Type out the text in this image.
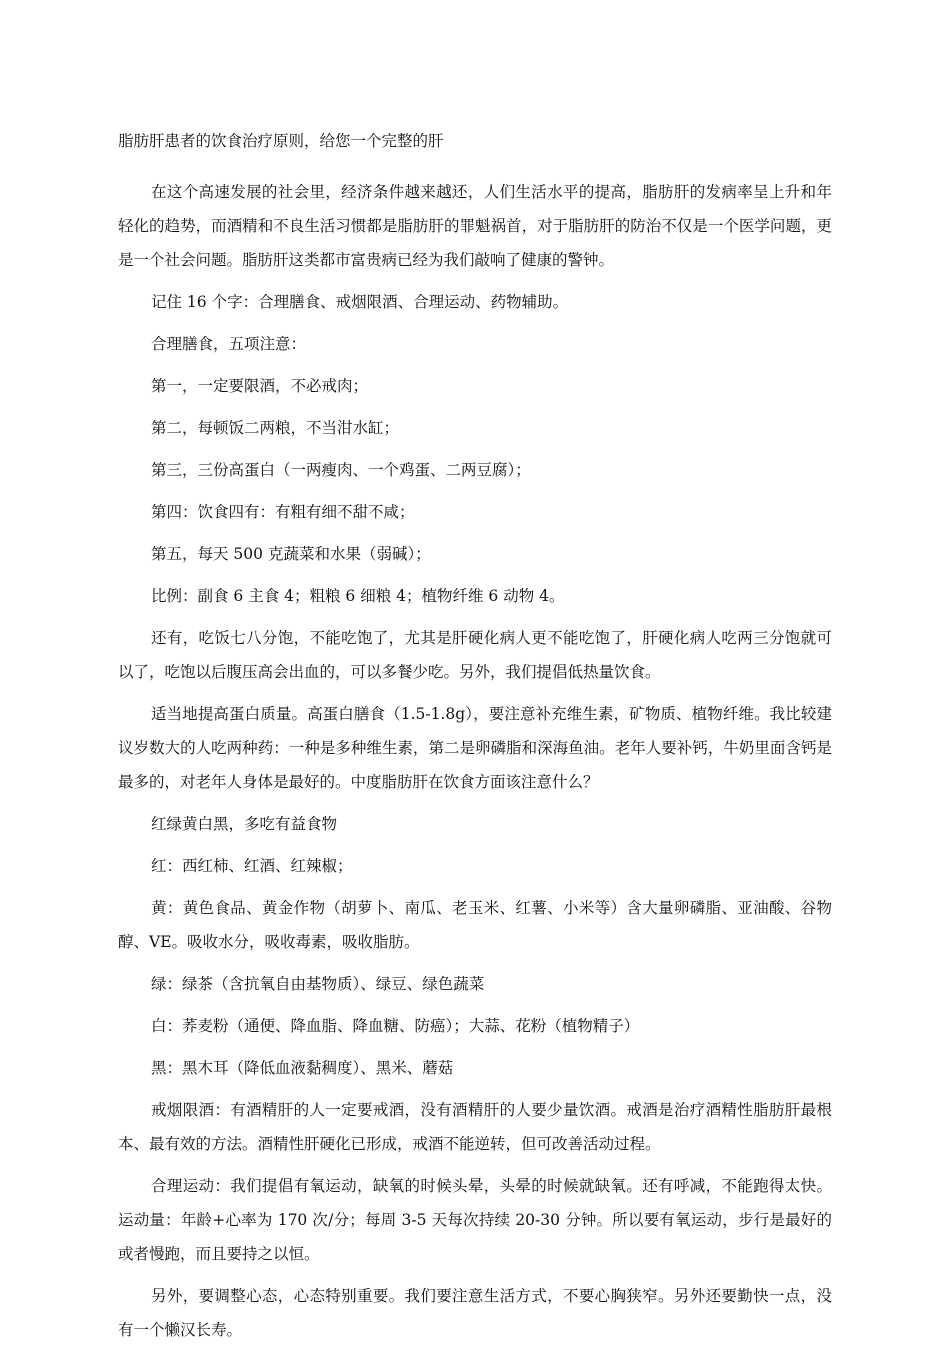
脂肪肝患者的饮食治疗原则，给您一个完整的肝

在这个高速发展的社会里，经济条件越来越还，人们生活水平的提高，脂肪肝的发病率呈上升和年轻化的趋势，而酒精和不良生活习惯都是脂肪肝的罪魁祸首，对于脂肪肝的防治不仅是一个医学问题，更是一个社会问题。脂肪肝这类都市富贵病已经为我们敲响了健康的警钟。

记住 16 个字：合理膳食、戒烟限酒、合理运动、药物辅助。

合理膳食，五项注意：

第一，一定要限酒，不必戒肉；

第二，每顿饭二两粮，不当泔水缸；

第三，三份高蛋白（一两瘦肉、一个鸡蛋、二两豆腐）；

第四：饮食四有：有粗有细不甜不咸；

第五，每天 500 克蔬菜和水果（弱碱）；

比例：副食 6 主食 4；粗粮 6 细粮 4；植物纤维 6 动物 4。

还有，吃饭七八分饱，不能吃饱了，尤其是肝硬化病人更不能吃饱了，肝硬化病人吃两三分饱就可以了，吃饱以后腹压高会出血的，可以多餐少吃。另外，我们提倡低热量饮食。

适当地提高蛋白质量。高蛋白膳食（1.5-1.8g），要注意补充维生素，矿物质、植物纤维。我比较建议岁数大的人吃两种药：一种是多种维生素，第二是卵磷脂和深海鱼油。老年人要补钙，牛奶里面含钙是最多的，对老年人身体是最好的。中度脂肪肝在饮食方面该注意什么？

红绿黄白黑，多吃有益食物

红：西红柿、红酒、红辣椒；

黄：黄色食品、黄金作物（胡萝卜、南瓜、老玉米、红薯、小米等）含大量卵磷脂、亚油酸、谷物醇、VE。吸收水分，吸收毒素，吸收脂肪。

绿：绿茶（含抗氧自由基物质）、绿豆、绿色蔬菜

白：荞麦粉（通便、降血脂、降血糖、防癌）；大蒜、花粉（植物精子）

黑：黑木耳（降低血液黏稠度）、黑米、蘑菇

戒烟限酒：有酒精肝的人一定要戒酒，没有酒精肝的人要少量饮酒。戒酒是治疗酒精性脂肪肝最根本、最有效的方法。酒精性肝硬化已形成，戒酒不能逆转，但可改善活动过程。

合理运动：我们提倡有氧运动，缺氧的时候头晕，头晕的时候就缺氧。还有呼减，不能跑得太快。运动量：年龄+心率为 170 次/分；每周 3-5 天每次持续 20-30 分钟。所以要有氧运动，步行是最好的或者慢跑，而且要持之以恒。

另外，要调整心态，心态特别重要。我们要注意生活方式，不要心胸狭窄。另外还要勤快一点，没有一个懒汉长寿。
